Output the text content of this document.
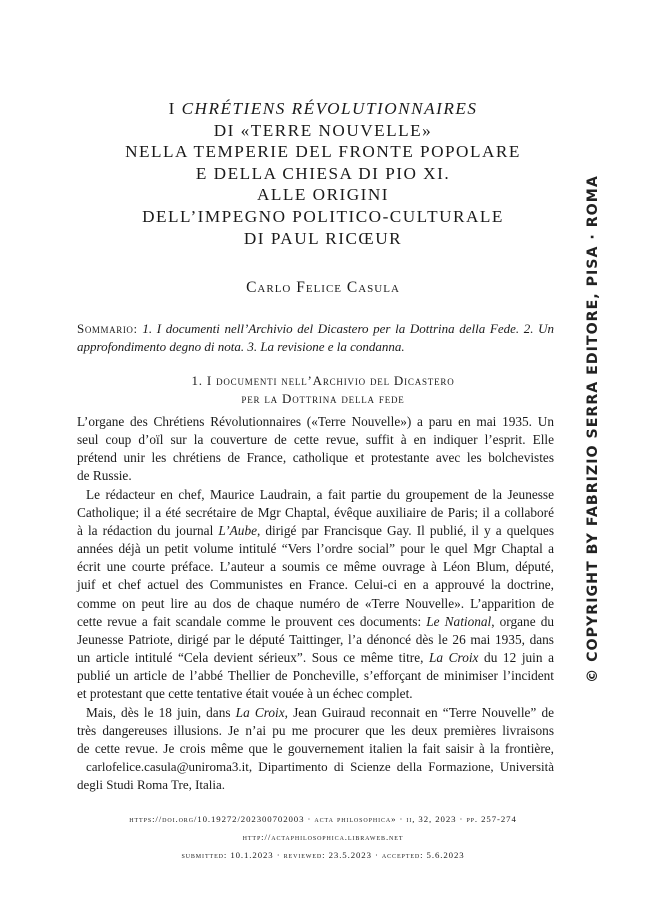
I CHRÉTIENS RÉVOLUTIONNAIRES
DI «TERRE NOUVELLE»
NELLA TEMPERIE DEL FRONTE POPOLARE
E DELLA CHIESA DI PIO XI.
ALLE ORIGINI
DELL’IMPEGNO POLITICO-CULTURALE
DI PAUL RICŒUR
Carlo Felice Casula
Sommario: 1. I documenti nell’Archivio del Dicastero per la Dottrina della Fede. 2. Un approfondimento degno di nota. 3. La revisione e la condanna.
1. I documenti nell’Archivio del Dicastero
per la Dottrina della fede

L’organe des Chrétiens Révolutionnaires («Terre Nouvelle») a paru en mai 1935. Un
seul coup d’oïl sur la couverture de cette revue, suffit à en indiquer l’esprit. Elle
prétend unir les chrétiens de France, catholique et protestante avec les bolchevistes
de Russie.

Le rédacteur en chef, Maurice Laudrain, a fait partie du groupement de la Jeunesse
Catholique; il a été secrétaire de Mgr Chaptal, évêque auxiliaire de Paris; il a collaboré
à la rédaction du journal L’Aube, dirigé par Francisque Gay. Il publié, il y a quelques
années déjà un petit volume intitulé “Vers l’ordre social” pour le quel Mgr Chaptal a
écrit une courte préface. L’auteur a soumis ce même ouvrage à Léon Blum, député,
juif et chef actuel des Communistes en France. Celui-ci en a approuvé la doctrine,
comme on peut lire au dos de chaque numéro de «Terre Nouvelle». L’apparition de
cette revue a fait scandale comme le prouvent ces documents: Le National, organe du
Jeunesse Patriote, dirigé par le député Taittinger, l’a dénoncé dès le 26 mai 1935, dans
un article intitulé “Cela devient sérieux”. Sous ce même titre, La Croix du 12 juin a
publié un article de l’abbé Thellier de Poncheville, s’efforçant de minimiser l’incident
et protestant que cette tentative était vouée à un échec complet.

Mais, dès le 18 juin, dans La Croix, Jean Guiraud reconnait en “Terre Nouvelle” de
très dangereuses illusions. Je n’ai pu me procurer que les deux premières livraisons
de cette revue. Je crois même que le gouvernement italien la fait saisir à la frontière,

carlofelice.casula@uniroma3.it, Dipartimento di Scienze della Formazione, Università
degli Studi Roma Tre, Italia.
https://doi.org/10.19272/202300702003 · acta philosophica» · ii, 32, 2023 · pp. 257-274
http://actaphilosophica.libraweb.net
submitted: 10.1.2023 · reviewed: 23.5.2023 · accepted: 5.6.2023
© COPYRIGHT BY FABRIZIO SERRA EDITORE, PISA · ROMA
